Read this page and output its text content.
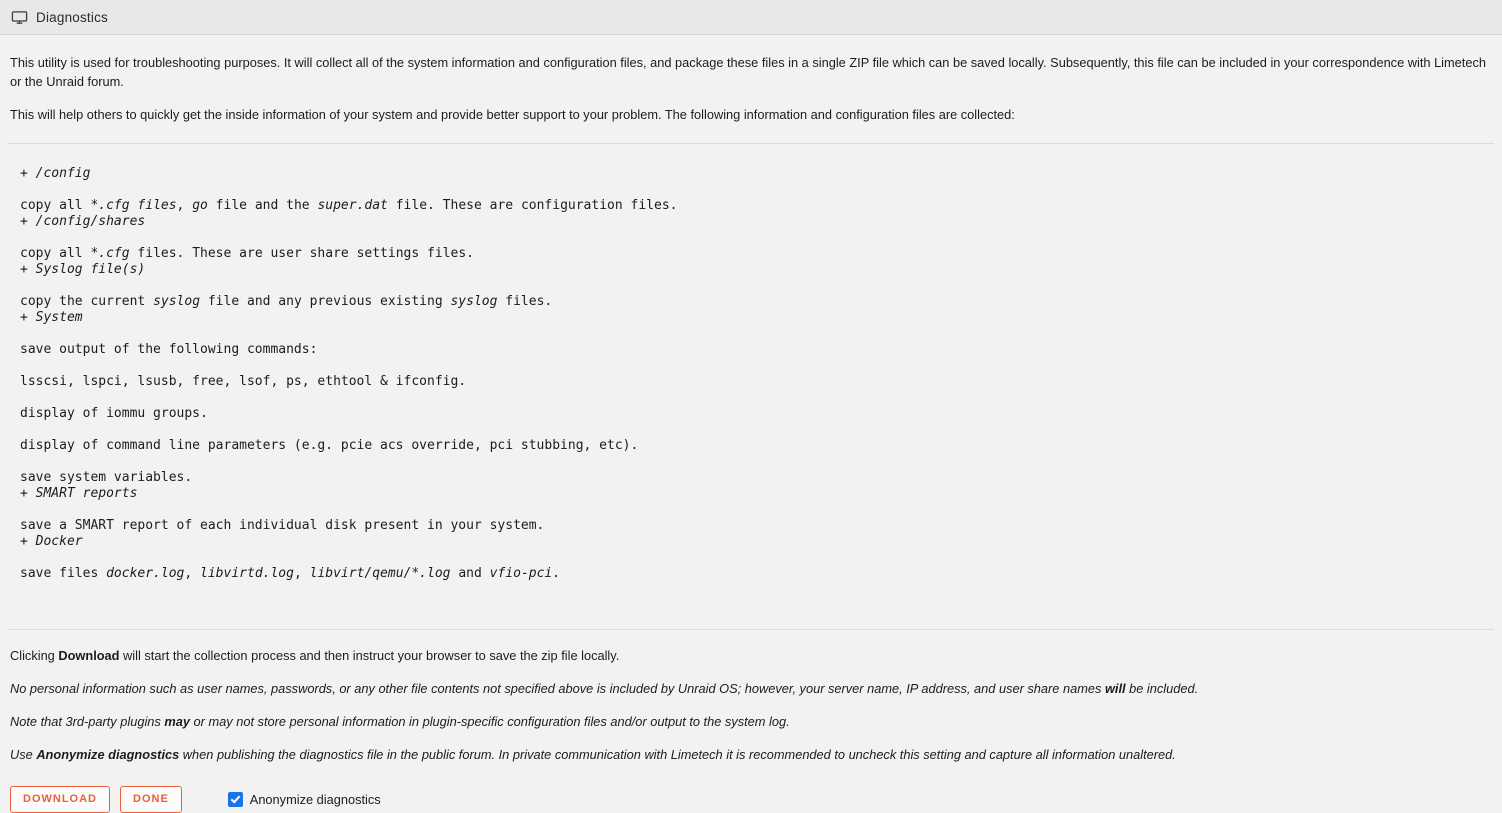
Diagnostics

This utility is used for troubleshooting purposes. It will collect all of the system information and configuration files, and package these files in a single ZIP file which can be saved locally. Subsequently, this file can be included in your correspondence with Limetech or the Unraid forum.

This will help others to quickly get the inside information of your system and provide better support to your problem. The following information and configuration files are collected:

+ /config
copy all *.cfg files, go file and the super.dat file. These are configuration files.
+ /config/shares
copy all *.cfg files. These are user share settings files.
+ Syslog file(s)
copy the current syslog file and any previous existing syslog files.
+ System
save output of the following commands:
lsscsi, lspci, lsusb, free, lsof, ps, ethtool & ifconfig.
display of iommu groups.
display of command line parameters (e.g. pcie acs override, pci stubbing, etc).
save system variables.
+ SMART reports
save a SMART report of each individual disk present in your system.
+ Docker
save files docker.log, libvirtd.log, libvirt/qemu/*.log and vfio-pci.

Clicking Download will start the collection process and then instruct your browser to save the zip file locally.

No personal information such as user names, passwords, or any other file contents not specified above is included by Unraid OS; however, your server name, IP address, and user share names will be included.

Note that 3rd-party plugins may or may not store personal information in plugin-specific configuration files and/or output to the system log.

Use Anonymize diagnostics when publishing the diagnostics file in the public forum. In private communication with Limetech it is recommended to uncheck this setting and capture all information unaltered.

DOWNLOAD	DONE	Anonymize diagnostics
